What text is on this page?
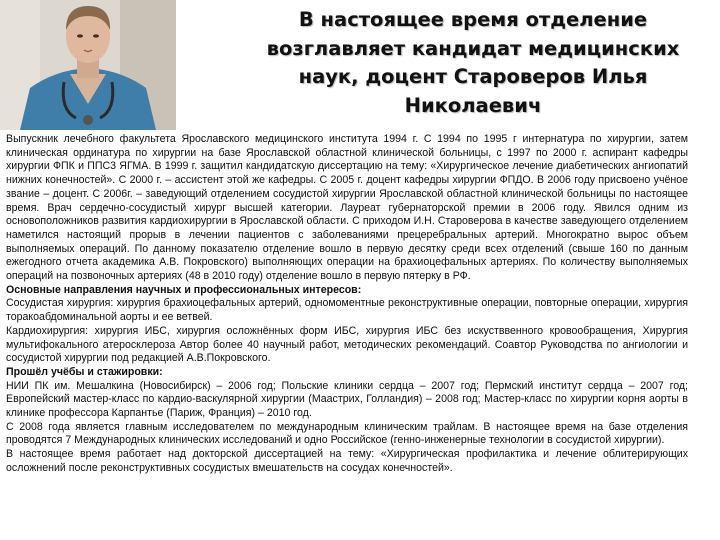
В настоящее время отделение возглавляет кандидат медицинских наук, доцент Староверов Илья Николаевич

Выпускник лечебного факультета Ярославского медицинского института 1994 г. С 1994 по 1995 г интернатура по хирургии, затем клиническая ординатура по хирургии на базе Ярославской областной клинической больницы, с 1997 по 2000 г. аспирант кафедры хирургии ФПК и ППС3 ЯГМА. В 1999 г. защитил кандидатскую диссертацию на тему: «Хирургическое лечение диабетических ангиопатий нижних конечностей». С 2000 г. – ассистент этой же кафедры. С 2005 г. доцент кафедры хирургии ФПДО. В 2006 году присвоено учёное звание – доцент. С 2006г. – заведующий отделением сосудистой хирургии Ярославской областной клинической больницы по настоящее время. Врач сердечно-сосудистый хирург высшей категории. Лауреат губернаторской премии в 2006 году. Явился одним из основоположников развития кардиохирургии в Ярославской области. С приходом И.Н. Староверова в качестве заведующего отделением наметился настоящий прорыв в лечении пациентов с заболеваниями прецеребральных артерий. Многократно вырос объем выполняемых операций. По данному показателю отделение вошло в первую десятку среди всех отделений (свыше 160 по данным ежегодного отчета академика А.В. Покровского) выполняющих операции на брахиоцефальных артериях. По количеству выполняемых операций на позвоночных артериях (48 в 2010 году) отделение вошло в первую пятерку в РФ.

Основные направления научных и профессиональных интересов:

Сосудистая хирургия: хирургия брахиоцефальных артерий, одномоментные реконструктивные операции, повторные операции, хирургия торакоабдоминальной аорты и ее ветвей.

Кардиохирургия: хирургия ИБС, хирургия осложнённых форм ИБС, хирургия ИБС без искустввенного кровообращения, Хирургия мультифокального атеросклероза Автор более 40 научный работ, методических рекомендаций. Соавтор Руководства по ангиологии и сосудистой хирургии под редакцией А.В.Покровского.

Прошёл учёбы и стажировки:

НИИ ПК им. Мешалкина (Новосибирск) – 2006 год; Польские клиники сердца – 2007 год; Пермский институт сердца – 2007 год; Европейский мастер-класс по кардио-васкулярной хирургии (Маастрих, Голландия) – 2008 год; Мастер-класс по хирургии корня аорты в клинике профессора Карпантье (Париж, Франция) – 2010 год.

С 2008 года является главным исследователем по международным клиническим трайлам. В настоящее время на базе отделения проводятся 7 Международных клинических исследований и одно Российское (генно-инженерные технологии в сосудистой хирургии).

В настоящее время работает над докторской диссертацией на тему: «Хирургическая профилактика и лечение облитерирующих осложнений после реконструктивных сосудистых вмешательств на сосудах конечностей».
